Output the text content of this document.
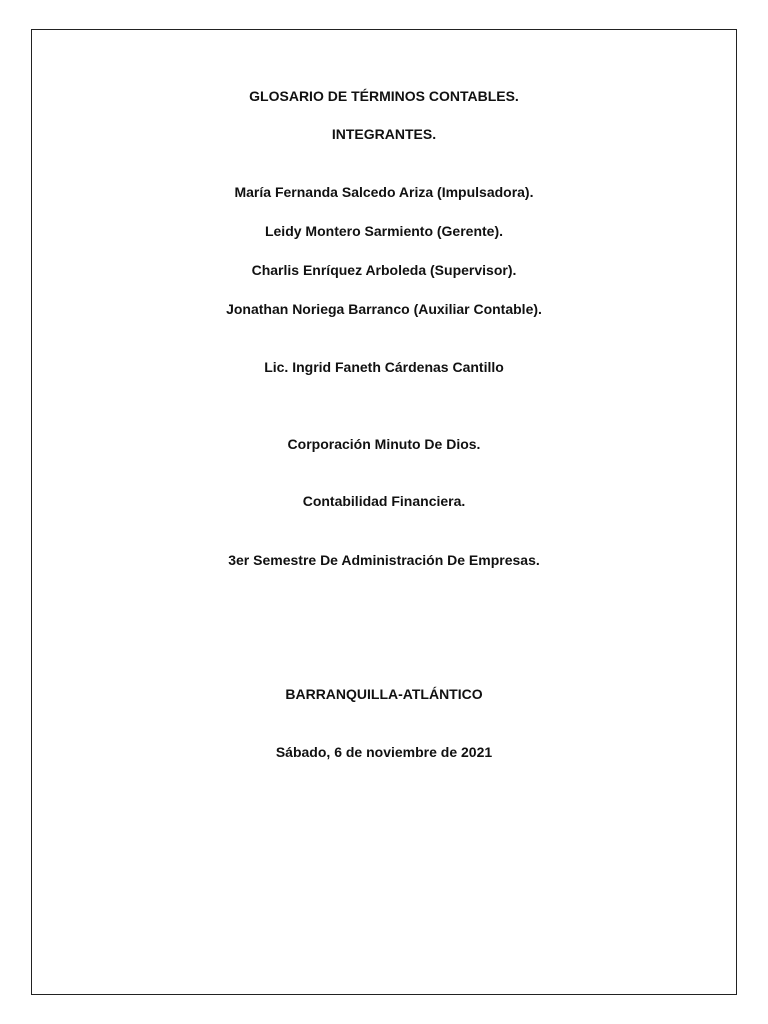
GLOSARIO DE TÉRMINOS CONTABLES.
INTEGRANTES.
María Fernanda Salcedo Ariza (Impulsadora).
Leidy Montero Sarmiento (Gerente).
Charlis Enríquez Arboleda (Supervisor).
Jonathan Noriega Barranco (Auxiliar Contable).
Lic. Ingrid Faneth Cárdenas Cantillo
Corporación Minuto De Dios.
Contabilidad Financiera.
3er Semestre De Administración De Empresas.
BARRANQUILLA-ATLÁNTICO
Sábado, 6 de noviembre de 2021
